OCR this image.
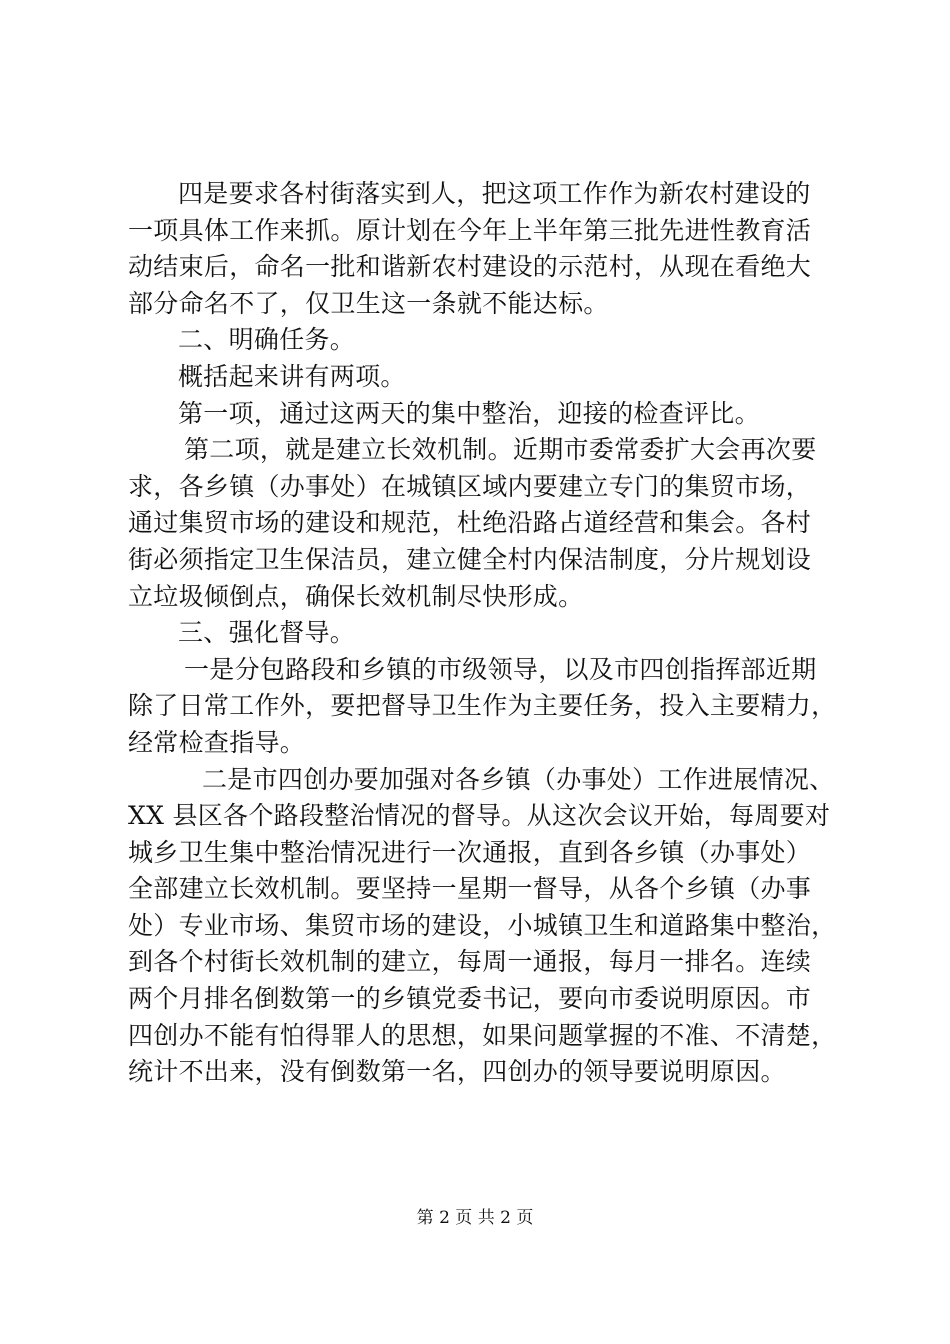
四是要求各村街落实到人，把这项工作作为新农村建设的
一项具体工作来抓。原计划在今年上半年第三批先进性教育活
动结束后，命名一批和谐新农村建设的示范村，从现在看绝大
部分命名不了，仅卫生这一条就不能达标。
二、明确任务。
概括起来讲有两项。
第一项，通过这两天的集中整治，迎接的检查评比。
第二项，就是建立长效机制。近期市委常委扩大会再次要
求，各乡镇（办事处）在城镇区域内要建立专门的集贸市场，
通过集贸市场的建设和规范，杜绝沿路占道经营和集会。各村
街必须指定卫生保洁员，建立健全村内保洁制度，分片规划设
立垃圾倾倒点，确保长效机制尽快形成。
三、强化督导。
一是分包路段和乡镇的市级领导，以及市四创指挥部近期
除了日常工作外，要把督导卫生作为主要任务，投入主要精力，
经常检查指导。
二是市四创办要加强对各乡镇（办事处）工作进展情况、
XX 县区各个路段整治情况的督导。从这次会议开始，每周要对
城乡卫生集中整治情况进行一次通报，直到各乡镇（办事处）
全部建立长效机制。要坚持一星期一督导，从各个乡镇（办事
处）专业市场、集贸市场的建设，小城镇卫生和道路集中整治，
到各个村街长效机制的建立，每周一通报，每月一排名。连续
两个月排名倒数第一的乡镇党委书记，要向市委说明原因。市
四创办不能有怕得罪人的思想，如果问题掌握的不准、不清楚，
统计不出来，没有倒数第一名，四创办的领导要说明原因。
第 2 页 共 2 页
